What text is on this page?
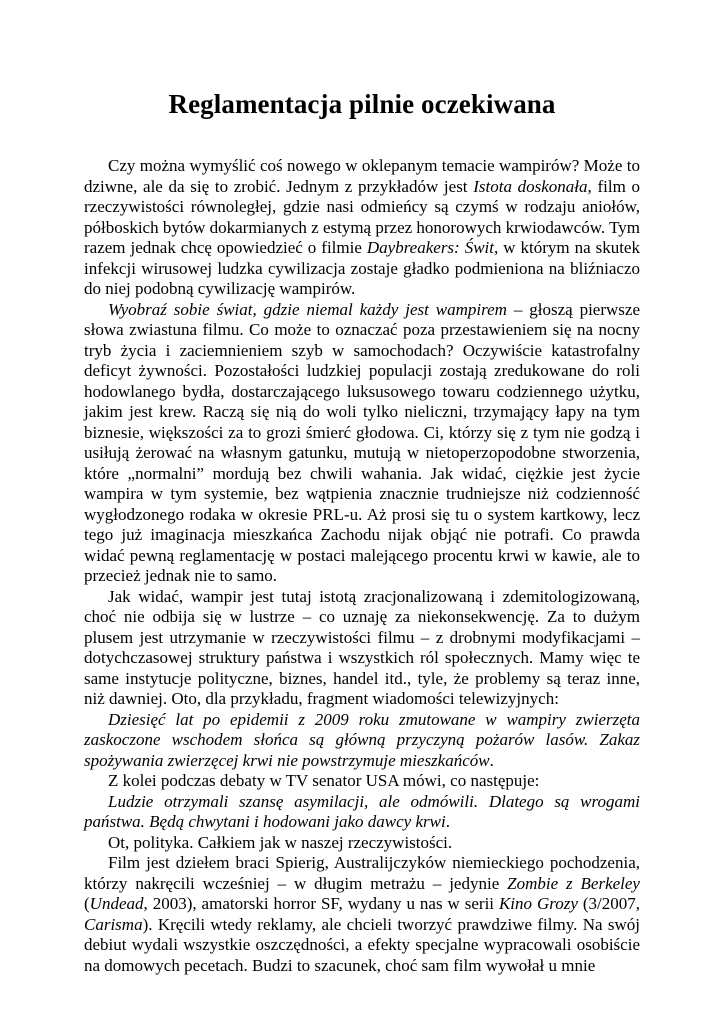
Reglamentacja pilnie oczekiwana

Czy można wymyślić coś nowego w oklepanym temacie wampirów? Może to dziwne, ale da się to zrobić. Jednym z przykładów jest Istota doskonała, film o rzeczywistości równoległej, gdzie nasi odmieńcy są czymś w rodzaju aniołów, półboskich bytów dokarmianych z estymą przez honorowych krwiodawców. Tym razem jednak chcę opowiedzieć o filmie Daybreakers: Świt, w którym na skutek infekcji wirusowej ludzka cywilizacja zostaje gładko podmieniona na bliźniaczo do niej podobną cywilizację wampirów.

Wyobraź sobie świat, gdzie niemal każdy jest wampirem – głoszą pierwsze słowa zwiastuna filmu. Co może to oznaczać poza przestawieniem się na nocny tryb życia i zaciemnieniem szyb w samochodach? Oczywiście katastrofalny deficyt żywności. Pozostałości ludzkiej populacji zostają zredukowane do roli hodowlanego bydła, dostarczającego luksusowego towaru codziennego użytku, jakim jest krew. Raczą się nią do woli tylko nieliczni, trzymający łapy na tym biznesie, większości za to grozi śmierć głodowa. Ci, którzy się z tym nie godzą i usiłują żerować na własnym gatunku, mutują w nietoperzopodobne stworzenia, które „normalni” mordują bez chwili wahania. Jak widać, ciężkie jest życie wampira w tym systemie, bez wątpienia znacznie trudniejsze niż codzienność wygłodzonego rodaka w okresie PRL-u. Aż prosi się tu o system kartkowy, lecz tego już imaginacja mieszkańca Zachodu nijak objąć nie potrafi. Co prawda widać pewną reglamentację w postaci malejącego procentu krwi w kawie, ale to przecież jednak nie to samo.

Jak widać, wampir jest tutaj istotą zracjonalizowaną i zdemitologizowaną, choć nie odbija się w lustrze – co uznaję za niekonsekwencję. Za to dużym plusem jest utrzymanie w rzeczywistości filmu – z drobnymi modyfikacjami – dotychczasowej struktury państwa i wszystkich ról społecznych. Mamy więc te same instytucje polityczne, biznes, handel itd., tyle, że problemy są teraz inne, niż dawniej. Oto, dla przykładu, fragment wiadomości telewizyjnych:

Dziesięć lat po epidemii z 2009 roku zmutowane w wampiry zwierzęta zaskoczone wschodem słońca są główną przyczyną pożarów lasów. Zakaz spożywania zwierzęcej krwi nie powstrzymuje mieszkańców.

Z kolei podczas debaty w TV senator USA mówi, co następuje:

Ludzie otrzymali szansę asymilacji, ale odmówili. Dlatego są wrogami państwa. Będą chwytani i hodowani jako dawcy krwi.

Ot, polityka. Całkiem jak w naszej rzeczywistości.

Film jest dziełem braci Spierig, Australijczyków niemieckiego pochodzenia, którzy nakręcili wcześniej – w długim metrażu – jedynie Zombie z Berkeley (Undead, 2003), amatorski horror SF, wydany u nas w serii Kino Grozy (3/2007, Carisma). Kręcili wtedy reklamy, ale chcieli tworzyć prawdziwe filmy. Na swój debiut wydali wszystkie oszczędności, a efekty specjalne wypracowali osobiście na domowych pecetach. Budzi to szacunek, choć sam film wywołał u mnie
